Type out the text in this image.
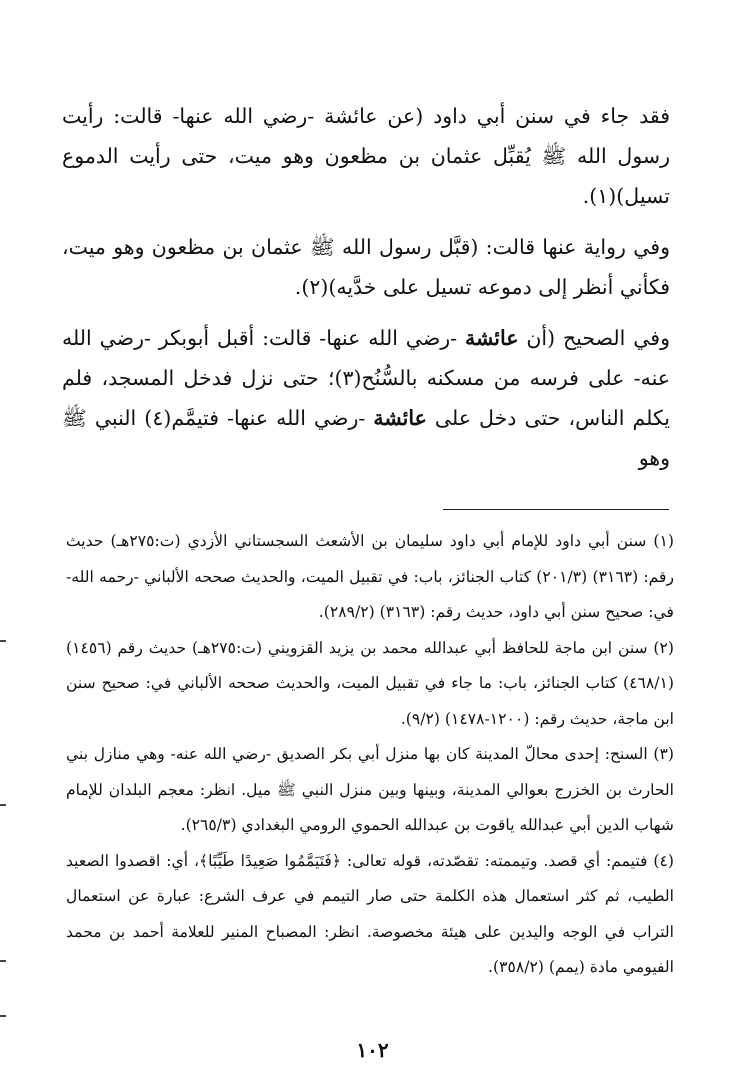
فقد جاء في سنن أبي داود (عن عائشة -رضي الله عنها- قالت: رأيت رسول الله ﷺ يُقبِّل عثمان بن مظعون وهو ميت، حتى رأيت الدموع تسيل)(١).

وفي رواية عنها قالت: (قبَّل رسول الله ﷺ عثمان بن مظعون وهو ميت، فكأني أنظر إلى دموعه تسيل على خدَّيه)(٢).

وفي الصحيح (أن عائشة -رضي الله عنها- قالت: أقبل أبوبكر -رضي الله عنه- على فرسه من مسكنه بالسُّنُح(٣)؛ حتى نزل فدخل المسجد، فلم يكلم الناس، حتى دخل على عائشة -رضي الله عنها- فتيمَّم(٤) النبي ﷺ وهو

(١) سنن أبي داود للإمام أبي داود سليمان بن الأشعث السجستاني الأزدي (ت:٢٧٥هـ) حديث رقم: (٣١٦٣) (٢٠١/٣) كتاب الجنائز، باب: في تقبيل الميت، والحديث صححه الألباني -رحمه الله- في: صحيح سنن أبي داود، حديث رقم: (٣١٦٣) (٢٨٩/٢).

(٢) سنن ابن ماجة للحافظ أبي عبدالله محمد بن يزيد القزويني (ت:٢٧٥هـ) حديث رقم (١٤٥٦) (٤٦٨/١) كتاب الجنائز، باب: ما جاء في تقبيل الميت، والحديث صححه الألباني في: صحيح سنن ابن ماجة، حديث رقم: (١٢٠٠-١٤٧٨) (٩/٢).

(٣) السنح: إحدى محالّ المدينة كان بها منزل أبي بكر الصديق -رضي الله عنه- وهي منازل بني الحارث بن الخزرج بعوالي المدينة، وبينها وبين منزل النبي ﷺ ميل. انظر: معجم البلدان للإمام شهاب الدين أبي عبدالله ياقوت بن عبدالله الحموي الرومي البغدادي (٢٦٥/٣).

(٤) فتيمم: أي قصد. وتيممته: تقصّدته، قوله تعالى: ﴿فَتَيَمَّمُوا صَعِيدًا طَيِّبًا﴾، أي: اقصدوا الصعيد الطيب، ثم كثر استعمال هذه الكلمة حتى صار التيمم في عرف الشرع: عبارة عن استعمال التراب في الوجه واليدين على هيئة مخصوصة. انظر: المصباح المنير للعلامة أحمد بن محمد الفيومي مادة (يمم) (٣٥٨/٢).

١٠٢
